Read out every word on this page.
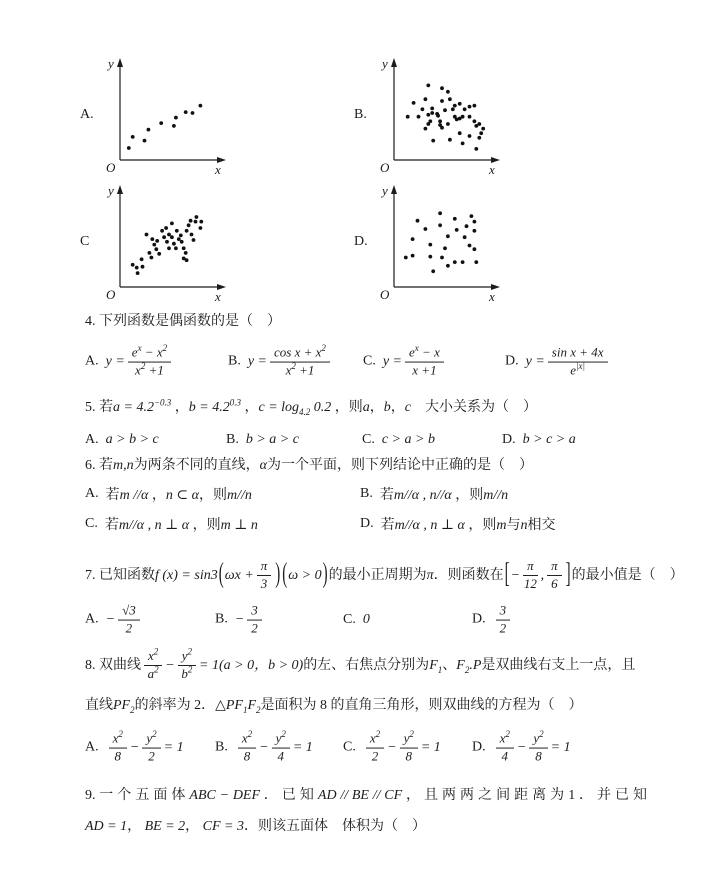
A.
y
x
O
B.
y
x
O
C
y
x
O
D.
y
x
O
4. 下列函数是偶函数的是（　）
A. $y = \frac{e^x - x^2}{x^2 +1}$	B. $y = \frac{\cos x + x^2}{x^2 +1} C$. $y = \frac{e^x - x}{x +1}$	D. $y = \frac{\text{sin x + 4x}}{e^{|x|}}$
5. 若$a = 4.2^{-0.3}$ ，$b = 4.2^{0.3}$ ，$c = \log_{4.2} 0.2$ ，则a，b，c　大小关系为（　）
A. a > b > c	B. b > a > c	C. c > a > b	D. b > c > a
6. 若m,n为两条不同的直线，α为一个平面，则下列结论中正确的是（　）
A. 若m //α ，n ⊂ α，则m//n	B. 若m//α , n//α ，则m//n
C. 若m//α , n ⊥ α ，则m ⊥ n	D. 若m//α , n ⊥ α ，则m与n相交
7. 已知函数f $(x) = \sin 3(\omega x + \frac{\pi}{3}$ ) (ω > 0)的最小正周期为π．则函数在[− $\frac{\pi}{12}$ , $\frac{\pi}{6}$ ]的最小值是（　）
A. − $\frac{√3}{2}$	B. − $\frac{3}{2}$	C. 0	D. $\frac{3}{2}$
8. 双曲线 $\frac{x^2}{a^2} - \frac{y^2}{b^2} = 1(a > 0$，b > 0)的左、右焦点分别为$F_1$、$F_2.P$是双曲线右支上一点，且直线$PF_2$的斜率为 2．$\triangle PF_1F_2$是面积为 8 的直角三角形，则双曲线的方程为（　）
A. $\frac{x^2}{8} - \frac{y^2}{2} = 1$ B. $\frac{x^2}{8} - \frac{y^2}{4} = 1$ C. $\frac{x^2}{2} - \frac{y^2}{8} = 1$ D. $\frac{x^2}{4} - \frac{y^2}{8} = 1$
9. 一 个 五 面 体 ABC − DEF ． 已 知 AD // BE // CF ， 且 两 两 之 间 距 离 为 1 ． 并 已 知 AD = 1， BE = 2， CF = 3．则该五面体　体积为（　）
